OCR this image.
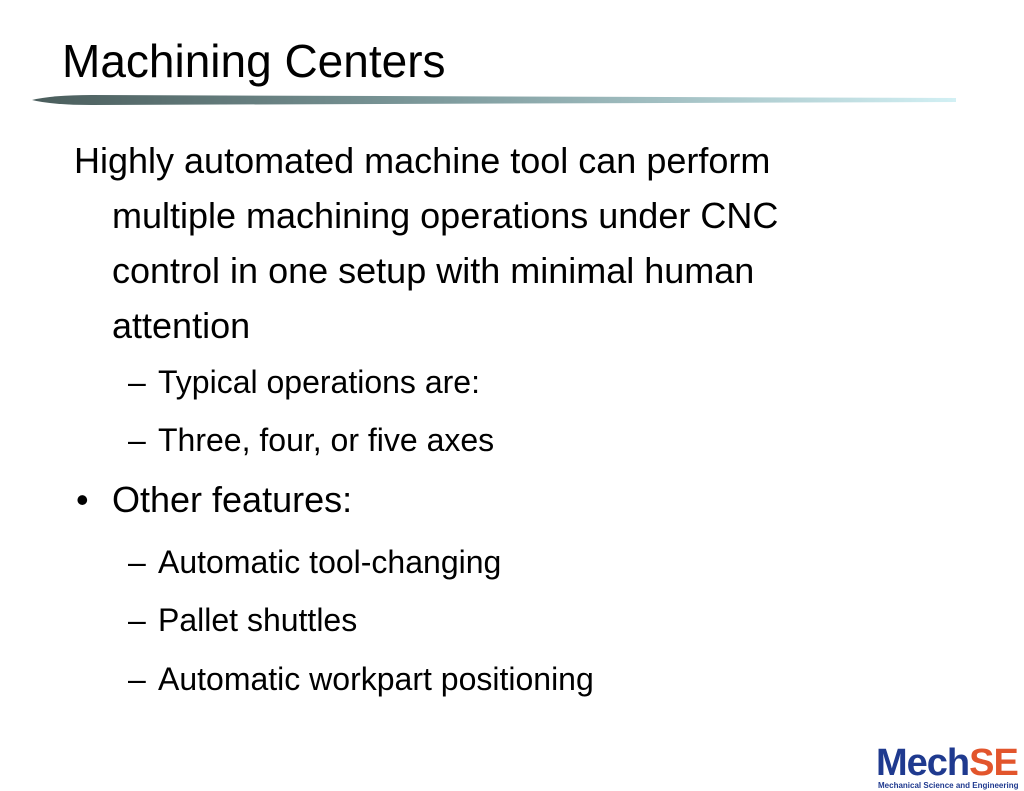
Machining Centers
Highly automated machine tool can perform
multiple machining operations under CNC
control in one setup with minimal human
attention
– Typical operations are:
– Three, four, or five axes
• Other features:
– Automatic tool-changing
– Pallet shuttles
– Automatic workpart positioning
MechSE
Mechanical Science and Engineering
